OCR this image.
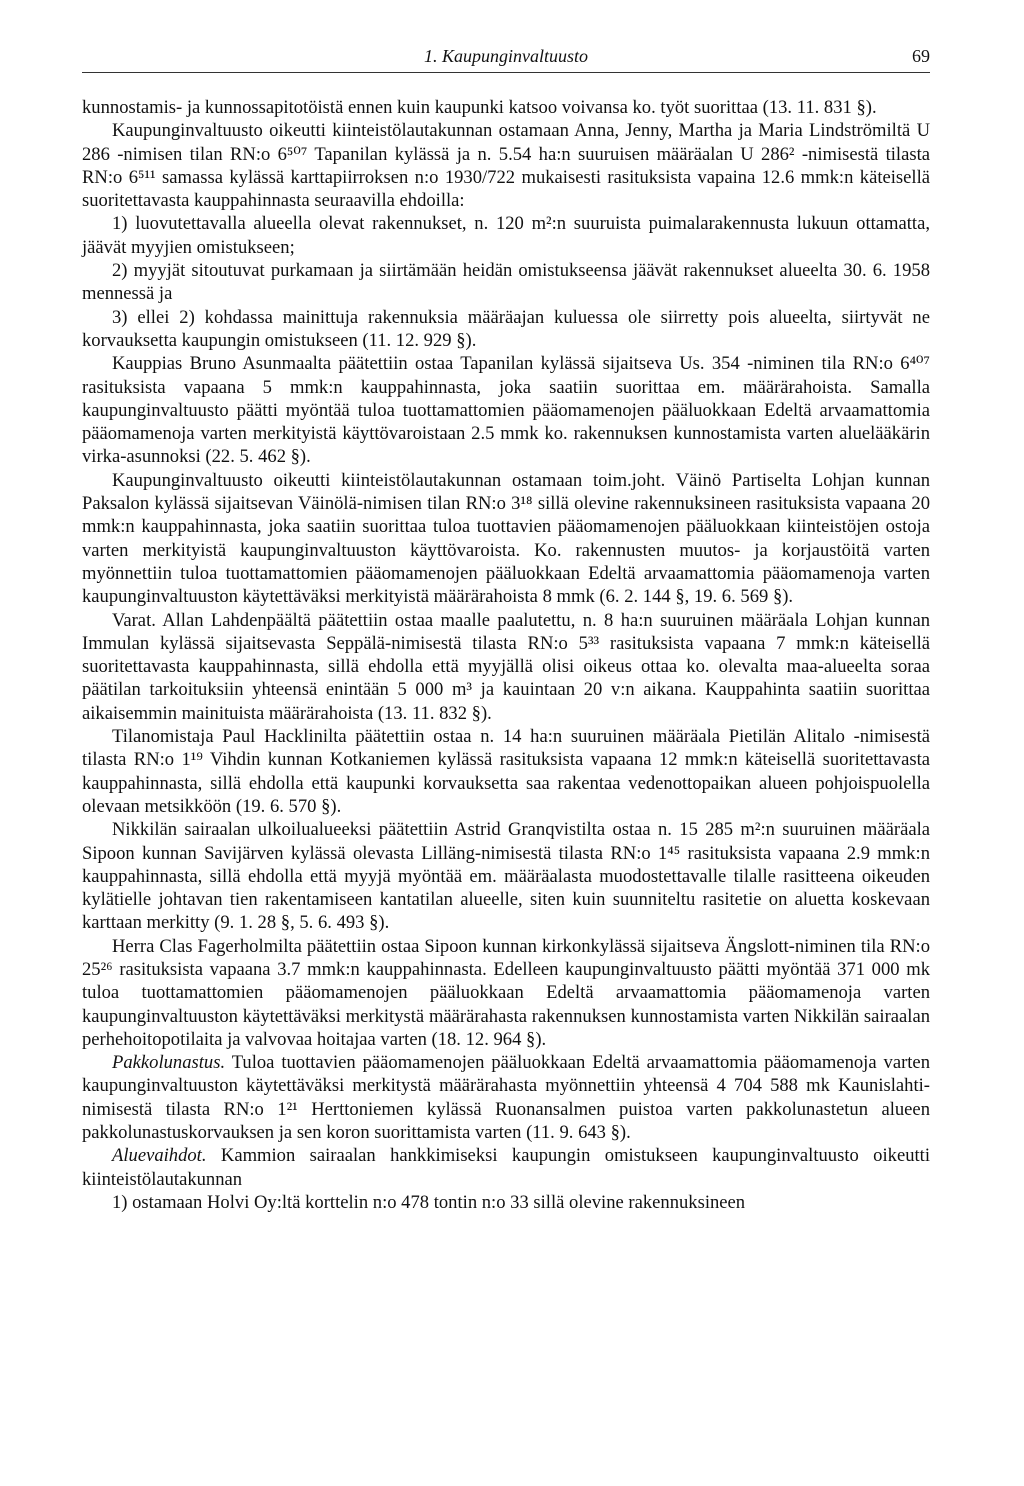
1. Kaupunginvaltuusto	69

kunnostamis- ja kunnossapitotöistä ennen kuin kaupunki katsoo voivansa ko. työt suorittaa (13. 11. 831 §).

Kaupunginvaltuusto oikeutti kiinteistölautakunnan ostamaan Anna, Jenny, Martha ja Maria Lindströmiltä U 286 -nimisen tilan RN:o 6⁵⁰⁷ Tapanilan kylässä ja n. 5.54 ha:n suuruisen määräalan U 286² -nimisestä tilasta RN:o 6⁵¹¹ samassa kylässä karttapiirroksen n:o 1930/722 mukaisesti rasituksista vapaina 12.6 mmk:n käteisellä suoritettavasta kauppahinnasta seuraavilla ehdoilla:

1) luovutettavalla alueella olevat rakennukset, n. 120 m²:n suuruista puimalarakennusta lukuun ottamatta, jäävät myyjien omistukseen;

2) myyjät sitoutuvat purkamaan ja siirtämään heidän omistukseensa jäävät rakennukset alueelta 30. 6. 1958 mennessä ja

3) ellei 2) kohdassa mainittuja rakennuksia määräajan kuluessa ole siirretty pois alueelta, siirtyvät ne korvauksetta kaupungin omistukseen (11. 12. 929 §).

Kauppias Bruno Asunmaalta päätettiin ostaa Tapanilan kylässä sijaitseva Us. 354 -niminen tila RN:o 6⁴⁰⁷ rasituksista vapaana 5 mmk:n kauppahinnasta, joka saatiin suorittaa em. määrärahoista. Samalla kaupunginvaltuusto päätti myöntää tuloa tuottamattomien pääomamenojen pääluokkaan Edeltä arvaamattomia pääomamenoja varten merkityistä käyttövaroistaan 2.5 mmk ko. rakennuksen kunnostamista varten aluelääkärin virka-asunnoksi (22. 5. 462 §).

Kaupunginvaltuusto oikeutti kiinteistölautakunnan ostamaan toim.joht. Väinö Partiselta Lohjan kunnan Paksalon kylässä sijaitsevan Väinölä-nimisen tilan RN:o 3¹⁸ sillä olevine rakennuksineen rasituksista vapaana 20 mmk:n kauppahinnasta, joka saatiin suorittaa tuloa tuottavien pääomamenojen pääluokkaan kiinteistöjen ostoja varten merkityistä kaupunginvaltuuston käyttövaroista. Ko. rakennusten muutos- ja korjaustöitä varten myönnettiin tuloa tuottamattomien pääomamenojen pääluokkaan Edeltä arvaamattomia pääomamenoja varten kaupunginvaltuuston käytettäväksi merkityistä määrärahoista 8 mmk (6. 2. 144 §, 19. 6. 569 §).

Varat. Allan Lahdenpäältä päätettiin ostaa maalle paalutettu, n. 8 ha:n suuruinen määräala Lohjan kunnan Immulan kylässä sijaitsevasta Seppälä-nimisestä tilasta RN:o 5³³ rasituksista vapaana 7 mmk:n käteisellä suoritettavasta kauppahinnasta, sillä ehdolla että myyjällä olisi oikeus ottaa ko. olevalta maa-alueelta soraa päätilan tarkoituksiin yhteensä enintään 5 000 m³ ja kauintaan 20 v:n aikana. Kauppahinta saatiin suorittaa aikaisemmin mainituista määrärahoista (13. 11. 832 §).

Tilanomistaja Paul Hacklinilta päätettiin ostaa n. 14 ha:n suuruinen määräala Pietilän Alitalo -nimisestä tilasta RN:o 1¹⁹ Vihdin kunnan Kotkaniemen kylässä rasituksista vapaana 12 mmk:n käteisellä suoritettavasta kauppahinnasta, sillä ehdolla että kaupunki korvauksetta saa rakentaa vedenottopaikan alueen pohjoispuolella olevaan metsikköön (19. 6. 570 §).

Nikkilän sairaalan ulkoilualueeksi päätettiin Astrid Granqvistilta ostaa n. 15 285 m²:n suuruinen määräala Sipoon kunnan Savijärven kylässä olevasta Lilläng-nimisestä tilasta RN:o 1⁴⁵ rasituksista vapaana 2.9 mmk:n kauppahinnasta, sillä ehdolla että myyjä myöntää em. määräalasta muodostettavalle tilalle rasitteena oikeuden kylätielle johtavan tien rakentamiseen kantatilan alueelle, siten kuin suunniteltu rasitetie on aluetta koskevaan karttaan merkitty (9. 1. 28 §, 5. 6. 493 §).

Herra Clas Fagerholmilta päätettiin ostaa Sipoon kunnan kirkonkylässä sijaitseva Ängslott-niminen tila RN:o 25²⁶ rasituksista vapaana 3.7 mmk:n kauppahinnasta. Edelleen kaupunginvaltuusto päätti myöntää 371 000 mk tuloa tuottamattomien pääomamenojen pääluokkaan Edeltä arvaamattomia pääomamenoja varten kaupunginvaltuuston käytettäväksi merkitystä määrärahasta rakennuksen kunnostamista varten Nikkilän sairaalan perhehoitopotilaita ja valvovaa hoitajaa varten (18. 12. 964 §).

Pakkolunastus. Tuloa tuottavien pääomamenojen pääluokkaan Edeltä arvaamattomia pääomamenoja varten kaupunginvaltuuston käytettäväksi merkitystä määrärahasta myönnettiin yhteensä 4 704 588 mk Kaunislahti-nimisestä tilasta RN:o 1²¹ Herttoniemen kylässä Ruonansalmen puistoa varten pakkolunastetun alueen pakkolunastuskorvauksen ja sen koron suorittamista varten (11. 9. 643 §).

Aluevaihdot. Kammion sairaalan hankkimiseksi kaupungin omistukseen kaupunginvaltuusto oikeutti kiinteistölautakunnan

1) ostamaan Holvi Oy:ltä korttelin n:o 478 tontin n:o 33 sillä olevine rakennuksineen
